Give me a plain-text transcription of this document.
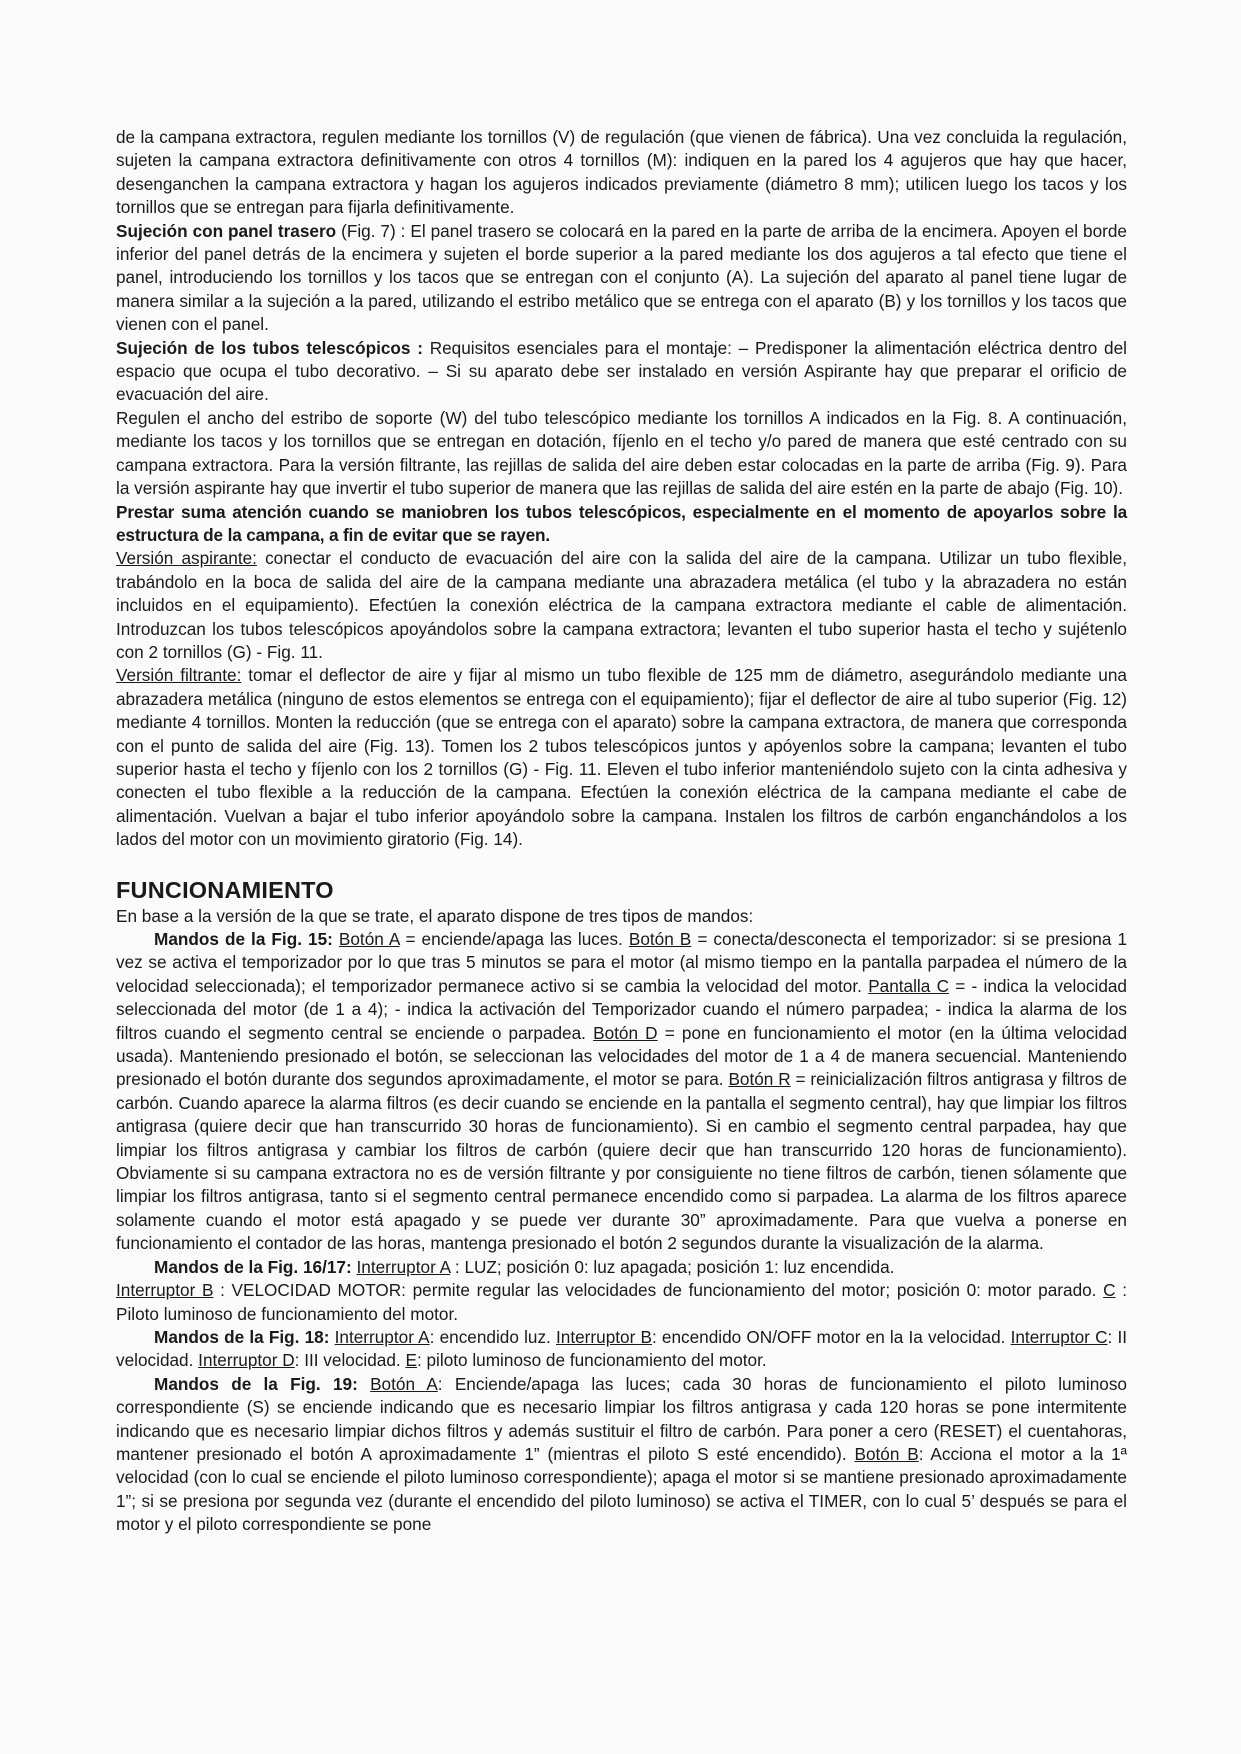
de la campana extractora, regulen mediante los tornillos (V) de regulación (que vienen de fábrica). Una vez concluida la regulación, sujeten la campana extractora definitivamente con otros 4 tornillos (M): indiquen en la pared los 4 agujeros que hay que hacer, desenganchen la campana extractora y hagan los agujeros indicados previamente (diámetro 8 mm); utilicen luego los tacos y los tornillos que se entregan para fijarla definitivamente.

Sujeción con panel trasero (Fig. 7) : El panel trasero se colocará en la pared en la parte de arriba de la encimera. Apoyen el borde inferior del panel detrás de la encimera y sujeten el borde superior a la pared mediante los dos agujeros a tal efecto que tiene el panel, introduciendo los tornillos y los tacos que se entregan con el conjunto (A). La sujeción del aparato al panel tiene lugar de manera similar a la sujeción a la pared, utilizando el estribo metálico que se entrega con el aparato (B) y los tornillos y los tacos que vienen con el panel.

Sujeción de los tubos telescópicos : Requisitos esenciales para el montaje: – Predisponer la alimentación eléctrica dentro del espacio que ocupa el tubo decorativo. – Si su aparato debe ser instalado en versión Aspirante hay que preparar el orificio de evacuación del aire.

Regulen el ancho del estribo de soporte (W) del tubo telescópico mediante los tornillos A indicados en la Fig. 8. A continuación, mediante los tacos y los tornillos que se entregan en dotación, fíjenlo en el techo y/o pared de manera que esté centrado con su campana extractora. Para la versión filtrante, las rejillas de salida del aire deben estar colocadas en la parte de arriba (Fig. 9). Para la versión aspirante hay que invertir el tubo superior de manera que las rejillas de salida del aire estén en la parte de abajo (Fig. 10).

Prestar suma atención cuando se maniobren los tubos telescópicos, especialmente en el momento de apoyarlos sobre la estructura de la campana, a fin de evitar que se rayen.

Versión aspirante: conectar el conducto de evacuación del aire con la salida del aire de la campana. Utilizar un tubo flexible, trabándolo en la boca de salida del aire de la campana mediante una abrazadera metálica (el tubo y la abrazadera no están incluidos en el equipamiento). Efectúen la conexión eléctrica de la campana extractora mediante el cable de alimentación. Introduzcan los tubos telescópicos apoyándolos sobre la campana extractora; levanten el tubo superior hasta el techo y sujétenlo con 2 tornillos (G) - Fig. 11.

Versión filtrante: tomar el deflector de aire y fijar al mismo un tubo flexible de 125 mm de diámetro, asegurándolo mediante una abrazadera metálica (ninguno de estos elementos se entrega con el equipamiento); fijar el deflector de aire al tubo superior (Fig. 12) mediante 4 tornillos. Monten la reducción (que se entrega con el aparato) sobre la campana extractora, de manera que corresponda con el punto de salida del aire (Fig. 13). Tomen los 2 tubos telescópicos juntos y apóyenlos sobre la campana; levanten el tubo superior hasta el techo y fíjenlo con los 2 tornillos (G) - Fig. 11. Eleven el tubo inferior manteniéndolo sujeto con la cinta adhesiva y conecten el tubo flexible a la reducción de la campana. Efectúen la conexión eléctrica de la campana mediante el cabe de alimentación. Vuelvan a bajar el tubo inferior apoyándolo sobre la campana. Instalen los filtros de carbón enganchándolos a los lados del motor con un movimiento giratorio (Fig. 14).

FUNCIONAMIENTO

En base a la versión de la que se trate, el aparato dispone de tres tipos de mandos:

Mandos de la Fig. 15: Botón A = enciende/apaga las luces. Botón B = conecta/desconecta el temporizador: si se presiona 1 vez se activa el temporizador por lo que tras 5 minutos se para el motor (al mismo tiempo en la pantalla parpadea el número de la velocidad seleccionada); el temporizador permanece activo si se cambia la velocidad del motor. Pantalla C = - indica la velocidad seleccionada del motor (de 1 a 4); - indica la activación del Temporizador cuando el número parpadea; - indica la alarma de los filtros cuando el segmento central se enciende o parpadea. Botón D = pone en funcionamiento el motor (en la última velocidad usada). Manteniendo presionado el botón, se seleccionan las velocidades del motor de 1 a 4 de manera secuencial. Manteniendo presionado el botón durante dos segundos aproximadamente, el motor se para. Botón R = reinicialización filtros antigrasa y filtros de carbón. Cuando aparece la alarma filtros (es decir cuando se enciende en la pantalla el segmento central), hay que limpiar los filtros antigrasa (quiere decir que han transcurrido 30 horas de funcionamiento). Si en cambio el segmento central parpadea, hay que limpiar los filtros antigrasa y cambiar los filtros de carbón (quiere decir que han transcurrido 120 horas de funcionamiento). Obviamente si su campana extractora no es de versión filtrante y por consiguiente no tiene filtros de carbón, tienen sólamente que limpiar los filtros antigrasa, tanto si el segmento central permanece encendido como si parpadea. La alarma de los filtros aparece solamente cuando el motor está apagado y se puede ver durante 30” aproximadamente. Para que vuelva a ponerse en funcionamiento el contador de las horas, mantenga presionado el botón 2 segundos durante la visualización de la alarma.

Mandos de la Fig. 16/17: Interruptor A : LUZ; posición 0: luz apagada; posición 1: luz encendida.
Interruptor B : VELOCIDAD MOTOR: permite regular las velocidades de funcionamiento del motor; posición 0: motor parado. C : Piloto luminoso de funcionamiento del motor.

Mandos de la Fig. 18: Interruptor A: encendido luz. Interruptor B: encendido ON/OFF motor en la Ia velocidad. Interruptor C: II velocidad. Interruptor D: III velocidad. E: piloto luminoso de funcionamiento del motor.

Mandos de la Fig. 19: Botón A: Enciende/apaga las luces; cada 30 horas de funcionamiento el piloto luminoso correspondiente (S) se enciende indicando que es necesario limpiar los filtros antigrasa y cada 120 horas se pone intermitente indicando que es necesario limpiar dichos filtros y además sustituir el filtro de carbón. Para poner a cero (RESET) el cuentahoras, mantener presionado el botón A aproximadamente 1” (mientras el piloto S esté encendido). Botón B: Acciona el motor a la 1ª velocidad (con lo cual se enciende el piloto luminoso correspondiente); apaga el motor si se mantiene presionado aproximadamente 1”; si se presiona por segunda vez (durante el encendido del piloto luminoso) se activa el TIMER, con lo cual 5’ después se para el motor y el piloto correspondiente se pone
